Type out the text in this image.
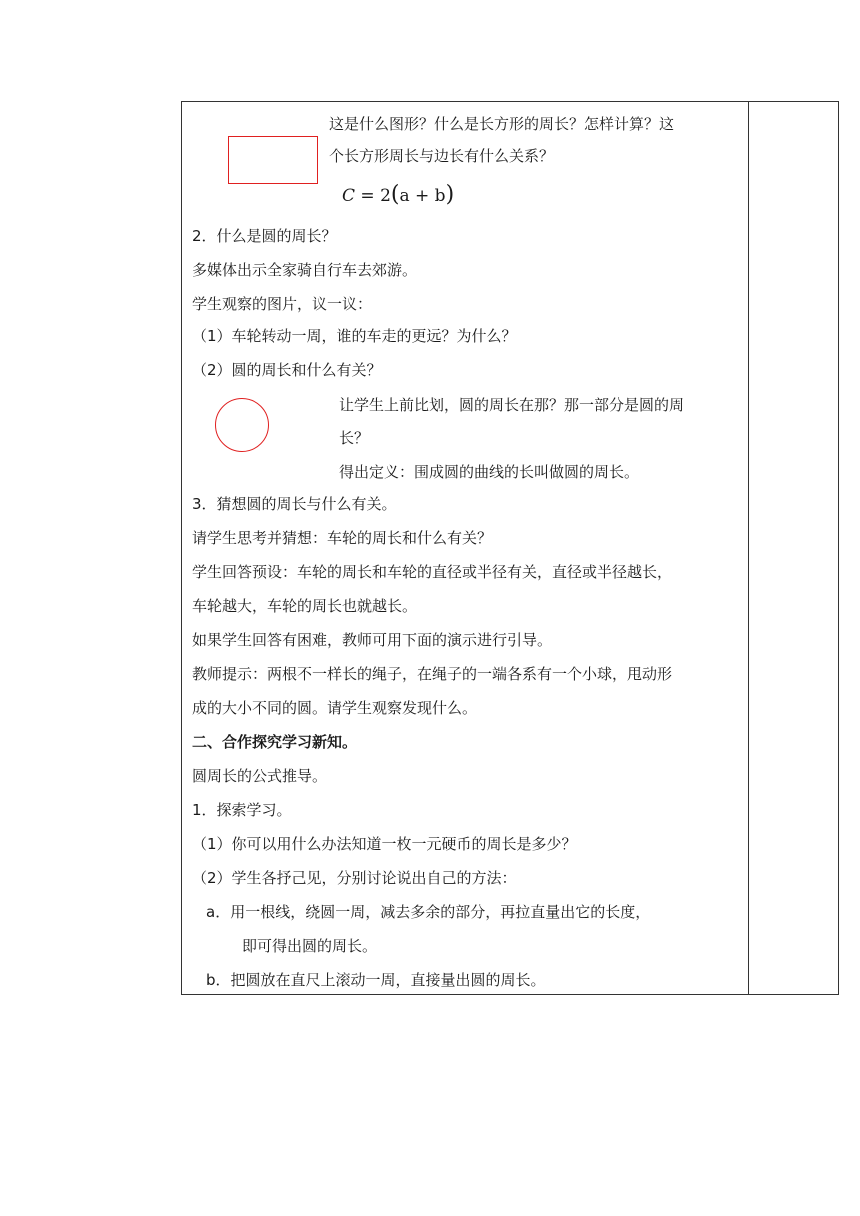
这是什么图形？什么是长方形的周长？怎样计算？这
个长方形周长与边长有什么关系？
C = 2(a + b)
2．什么是圆的周长？
多媒体出示全家骑自行车去郊游。
学生观察的图片，议一议：
（1）车轮转动一周，谁的车走的更远？为什么？
（2）圆的周长和什么有关？
让学生上前比划，圆的周长在那？那一部分是圆的周
长？
得出定义：围成圆的曲线的长叫做圆的周长。
3．猜想圆的周长与什么有关。
请学生思考并猜想：车轮的周长和什么有关？
学生回答预设：车轮的周长和车轮的直径或半径有关，直径或半径越长，
车轮越大，车轮的周长也就越长。
如果学生回答有困难，教师可用下面的演示进行引导。
教师提示：两根不一样长的绳子，在绳子的一端各系有一个小球，甩动形
成的大小不同的圆。请学生观察发现什么。
二、合作探究学习新知。
圆周长的公式推导。
1．探索学习。
（1）你可以用什么办法知道一枚一元硬币的周长是多少？
（2）学生各抒己见，分别讨论说出自己的方法：
a．用一根线，绕圆一周，减去多余的部分，再拉直量出它的长度，
即可得出圆的周长。
b．把圆放在直尺上滚动一周，直接量出圆的周长。
